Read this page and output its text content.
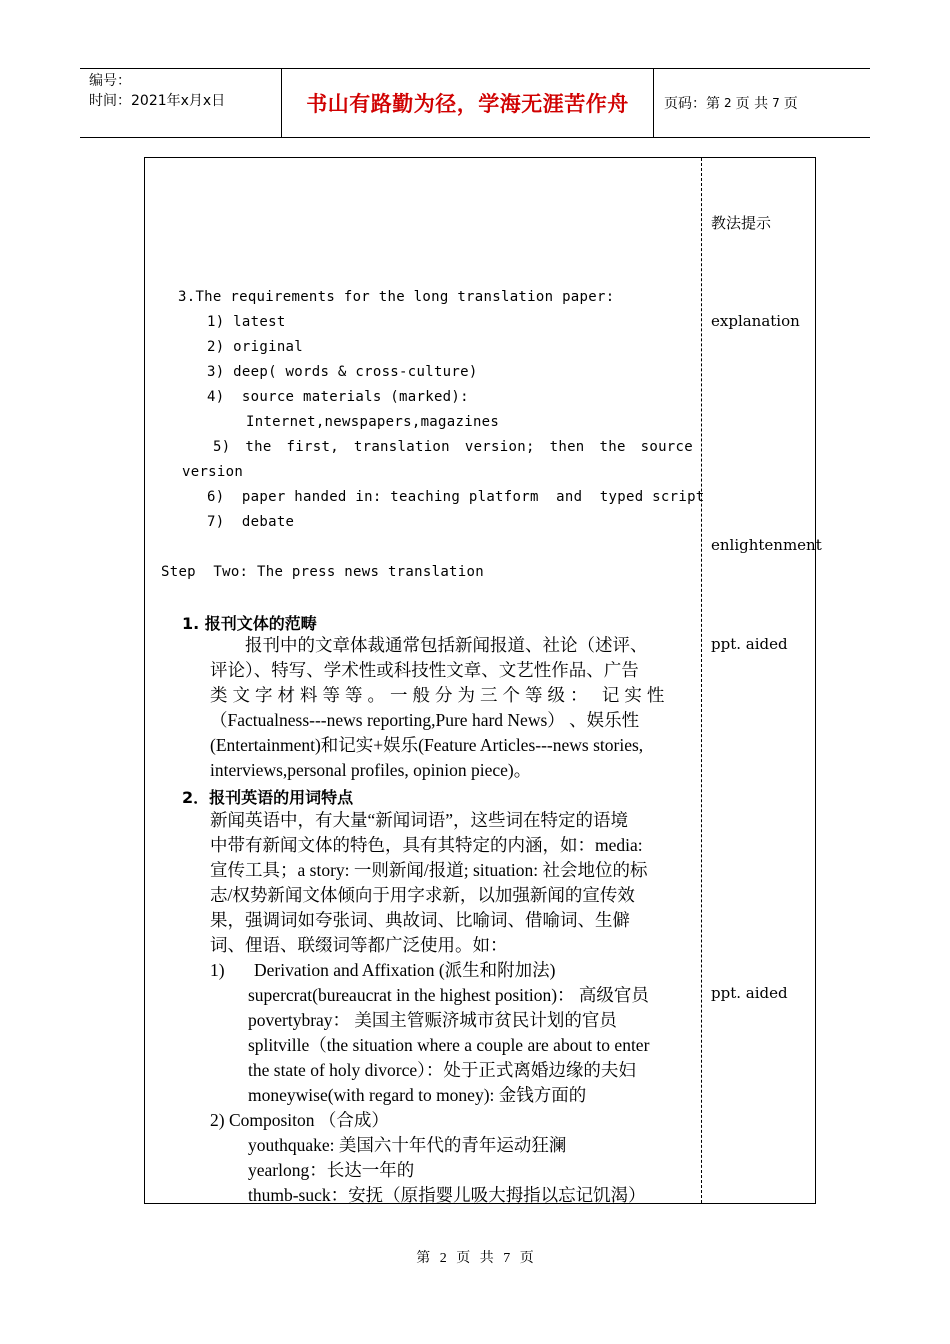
编号：
时间：2021年x月x日	书山有路勤为径，学海无涯苦作舟	页码：第 2 页 共 7 页
教法提示
explanation
enlightenment
ppt. aided
ppt. aided
3.The requirements for the long translation paper:
1) latest
2) original
3) deep( words & cross-culture)
4)  source materials (marked):
Internet,newspapers,magazines
5) the first, translation version; then the source
version
6)  paper handed in: teaching platform  and  typed script
7)  debate
Step  Two: The press news translation
1. 报刊文体的范畴
报刊中的文章体裁通常包括新闻报道、社论（述评、
评论）、特写、学术性或科技性文章、文艺性作品、广告
类文字材料等等。一般分为三个等级： 记实性
（Factualness---news reporting,Pure hard News） 、娱乐性
(Entertainment)和记实+娱乐(Feature Articles---news stories,
interviews,personal profiles, opinion piece)。
2．报刊英语的用词特点
新闻英语中，有大量“新闻词语”，这些词在特定的语境
中带有新闻文体的特色，具有其特定的内涵，如：media:
宣传工具；a story: 一则新闻/报道; situation: 社会地位的标
志/权势新闻文体倾向于用字求新，以加强新闻的宣传效
果，强调词如夸张词、典故词、比喻词、借喻词、生僻
词、俚语、联缀词等都广泛使用。如：
1) Derivation and Affixation (派生和附加法)
supercrat(bureaucrat in the highest position)： 高级官员
povertybray： 美国主管赈济城市贫民计划的官员
splitville（the situation where a couple are about to enter
the state of holy divorce）：处于正式离婚边缘的夫妇
moneywise(with regard to money): 金钱方面的
2) Compositon （合成）
youthquake: 美国六十年代的青年运动狂澜
yearlong：长达一年的
thumb-suck：安抚（原指婴儿吸大拇指以忘记饥渴）
第 2 页 共 7 页
